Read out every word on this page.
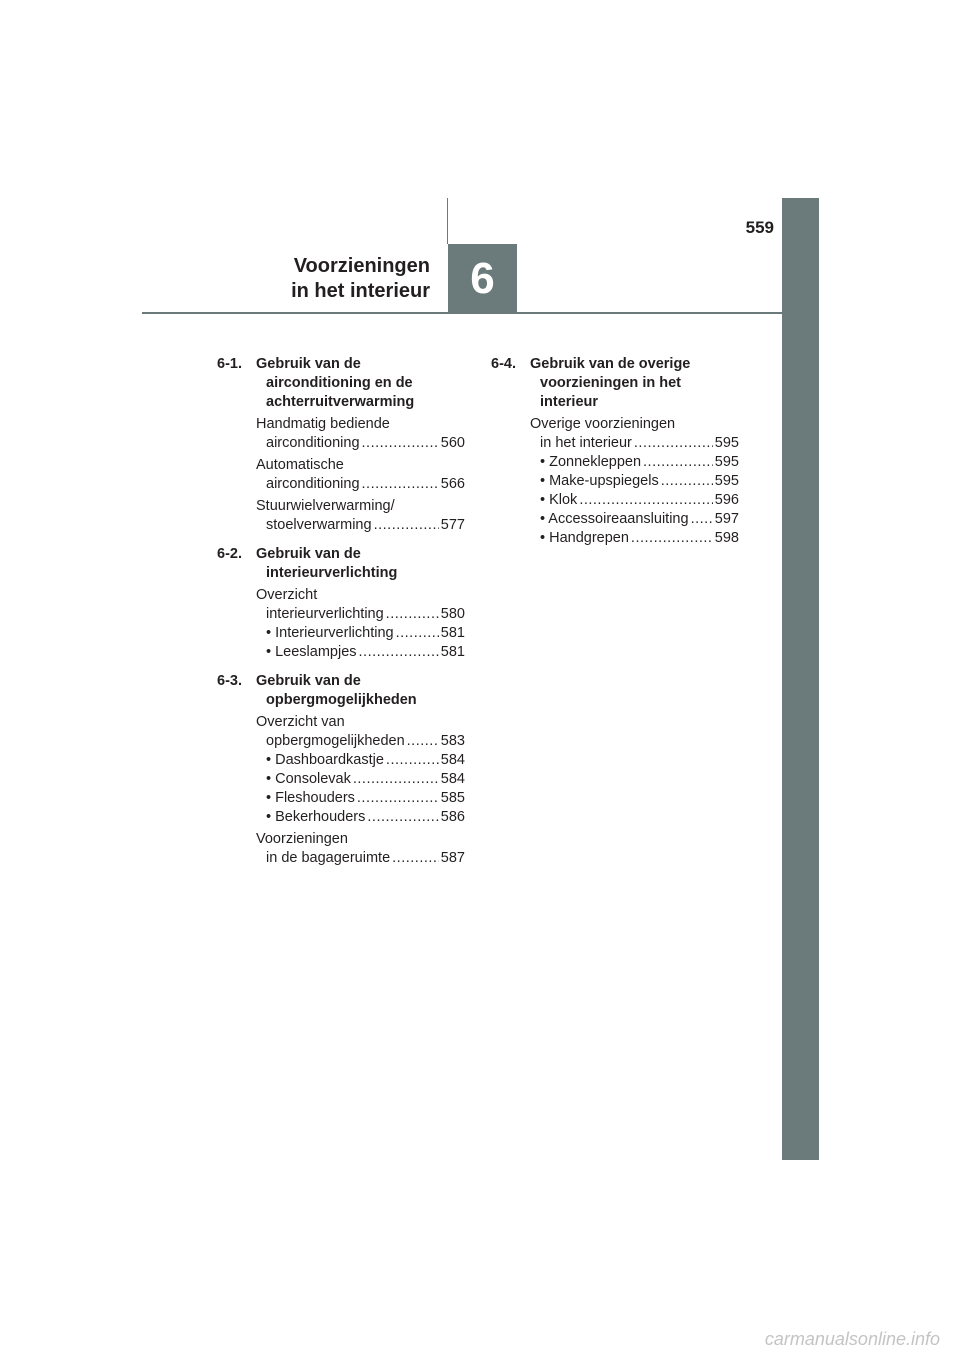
559
6
Voorzieningen
in het interieur
6-1. Gebruik van de airconditioning en de achterruitverwarming
Handmatig bediende
airconditioning .....	560
Automatische
airconditioning .....	566
Stuurwielverwarming/
stoelverwarming .....	577
6-2. Gebruik van de interieurverlichting
Overzicht
interieurverlichting .....	580
• Interieurverlichting .....	581
• Leeslampjes .....	581
6-3. Gebruik van de opbergmogelijkheden
Overzicht van
opbergmogelijkheden ..... 583
• Dashboardkastje .....	584
• Consolevak .....	584
• Fleshouders .....	585
• Bekerhouders .....	586
Voorzieningen
in de bagageruimte .....	587
6-4. Gebruik van de overige voorzieningen in het interieur
Overige voorzieningen
in het interieur .....	595
• Zonnekleppen .....	595
• Make-upspiegels .....	595
• Klok .....	596
• Accessoireaansluiting ..... 597
• Handgrepen .....	598
carmanualsonline.info
